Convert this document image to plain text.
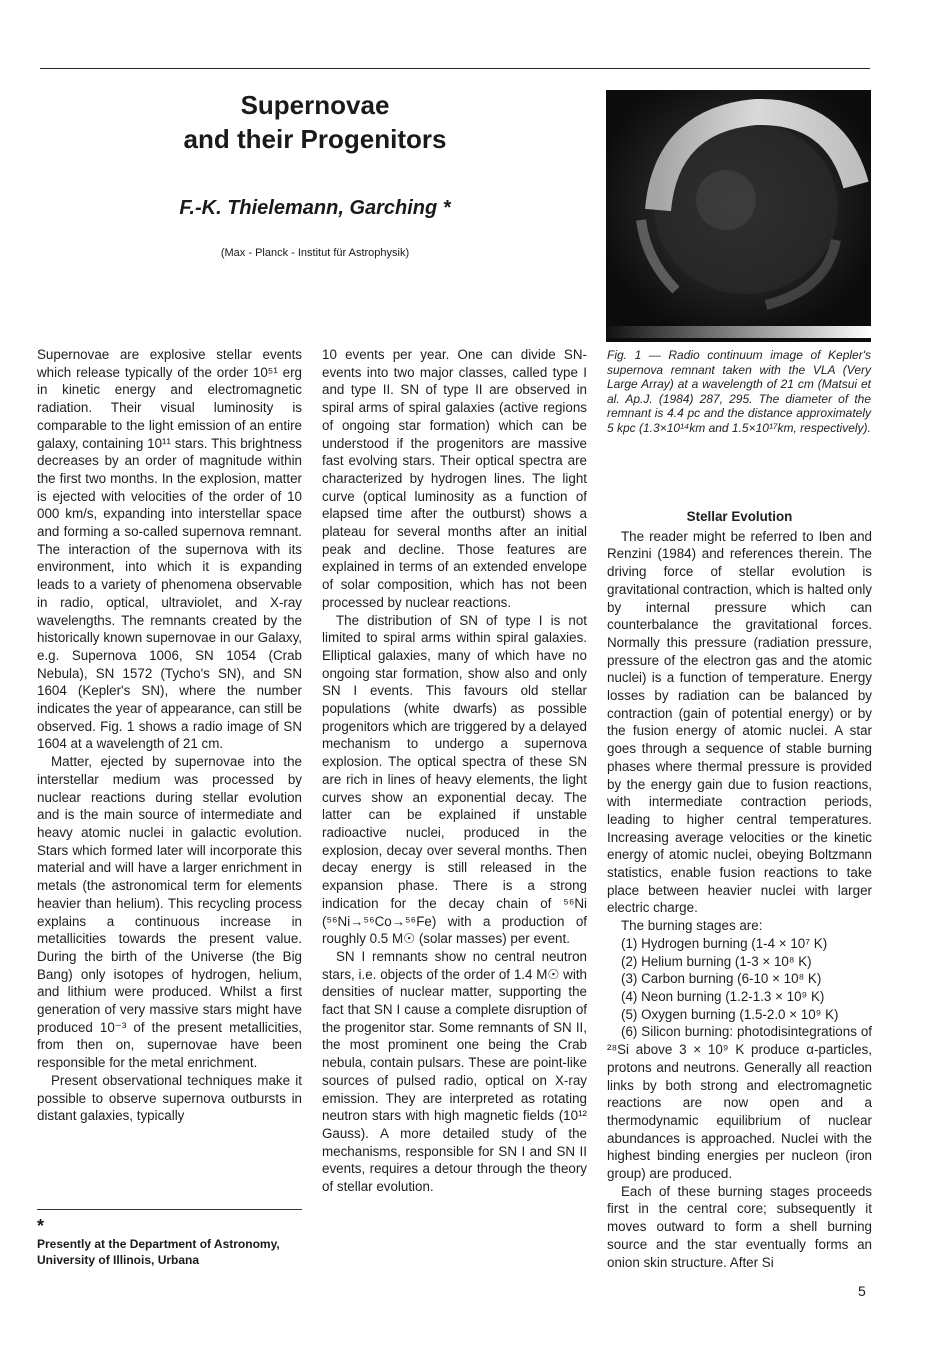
Supernovae
and their Progenitors
F.-K. Thielemann, Garching *
(Max - Planck - Institut für Astrophysik)
Fig. 1 — Radio continuum image of Kepler's supernova remnant taken with the VLA (Very Large Array) at a wavelength of 21 cm (Matsui et al. Ap.J. (1984) 287, 295. The diameter of the remnant is 4.4 pc and the distance approximately 5 kpc (1.3×10¹⁴km and 1.5×10¹⁷km, respectively).

Supernovae are explosive stellar events which release typically of the order 10⁵¹ erg in kinetic energy and electromagnetic radiation. Their visual luminosity is comparable to the light emission of an entire galaxy, containing 10¹¹ stars. This brightness decreases by an order of magnitude within the first two months. In the explosion, matter is ejected with velocities of the order of 10 000 km/s, expanding into interstellar space and forming a so-called supernova remnant. The interaction of the supernova with its environment, into which it is expanding leads to a variety of phenomena observable in radio, optical, ultraviolet, and X-ray wavelengths. The remnants created by the historically known supernovae in our Galaxy, e.g. Supernova 1006, SN 1054 (Crab Nebula), SN 1572 (Tycho's SN), and SN 1604 (Kepler's SN), where the number indicates the year of appearance, can still be observed. Fig. 1 shows a radio image of SN 1604 at a wavelength of 21 cm.

Matter, ejected by supernovae into the interstellar medium was processed by nuclear reactions during stellar evolution and is the main source of intermediate and heavy atomic nuclei in galactic evolution. Stars which formed later will incorporate this material and will have a larger enrichment in metals (the astronomical term for elements heavier than helium). This recycling process explains a continuous increase in metallicities towards the present value. During the birth of the Universe (the Big Bang) only isotopes of hydrogen, helium, and lithium were produced. Whilst a first generation of very massive stars might have produced 10⁻³ of the present metallicities, from then on, supernovae have been responsible for the metal enrichment.

Present observational techniques make it possible to observe supernova outbursts in distant galaxies, typically

10 events per year. One can divide SN-events into two major classes, called type I and type II. SN of type II are observed in spiral arms of spiral galaxies (active regions of ongoing star formation) which can be understood if the progenitors are massive fast evolving stars. Their optical spectra are characterized by hydrogen lines. The light curve (optical luminosity as a function of elapsed time after the outburst) shows a plateau for several months after an initial peak and decline. Those features are explained in terms of an extended envelope of solar composition, which has not been processed by nuclear reactions.

The distribution of SN of type I is not limited to spiral arms within spiral galaxies. Elliptical galaxies, many of which have no ongoing star formation, show also and only SN I events. This favours old stellar populations (white dwarfs) as possible progenitors which are triggered by a delayed mechanism to undergo a supernova explosion. The optical spectra of these SN are rich in lines of heavy elements, the light curves show an exponential decay. The latter can be explained if unstable radioactive nuclei, produced in the explosion, decay over several months. Then decay energy is still released in the expansion phase. There is a strong indication for the decay chain of ⁵⁶Ni (⁵⁶Ni→⁵⁶Co→⁵⁶Fe) with a production of roughly 0.5 M☉ (solar masses) per event.

SN I remnants show no central neutron stars, i.e. objects of the order of 1.4 M☉ with densities of nuclear matter, supporting the fact that SN I cause a complete disruption of the progenitor star. Some remnants of SN II, the most prominent one being the Crab nebula, contain pulsars. These are point-like sources of pulsed radio, optical on X-ray emission. They are interpreted as rotating neutron stars with high magnetic fields (10¹² Gauss). A more detailed study of the mechanisms, responsible for SN I and SN II events, requires a detour through the theory of stellar evolution.

Stellar Evolution

The reader might be referred to Iben and Renzini (1984) and references therein. The driving force of stellar evolution is gravitational contraction, which is halted only by internal pressure which can counterbalance the gravitational forces. Normally this pressure (radiation pressure, pressure of the electron gas and the atomic nuclei) is a function of temperature. Energy losses by radiation can be balanced by contraction (gain of potential energy) or by the fusion energy of atomic nuclei. A star goes through a sequence of stable burning phases where thermal pressure is provided by the energy gain due to fusion reactions, with intermediate contraction periods, leading to higher central temperatures. Increasing average velocities or the kinetic energy of atomic nuclei, obeying Boltzmann statistics, enable fusion reactions to take place between heavier nuclei with larger electric charge.

The burning stages are:

(1) Hydrogen burning (1-4 × 10⁷ K)
(2) Helium burning (1-3 × 10⁸ K)
(3) Carbon burning (6-10 × 10⁸ K)
(4) Neon burning (1.2-1.3 × 10⁹ K)
(5) Oxygen burning (1.5-2.0 × 10⁹ K)

(6) Silicon burning: photodisintegrations of ²⁸Si above 3 × 10⁹ K produce α-particles, protons and neutrons. Generally all reaction links by both strong and electromagnetic reactions are now open and a thermodynamic equilibrium of nuclear abundances is approached. Nuclei with the highest binding energies per nucleon (iron group) are produced.

Each of these burning stages proceeds first in the central core; subsequently it moves outward to form a shell burning source and the star eventually forms an onion skin structure. After Si

*
Presently at the Department of Astronomy, University of Illinois, Urbana
5
